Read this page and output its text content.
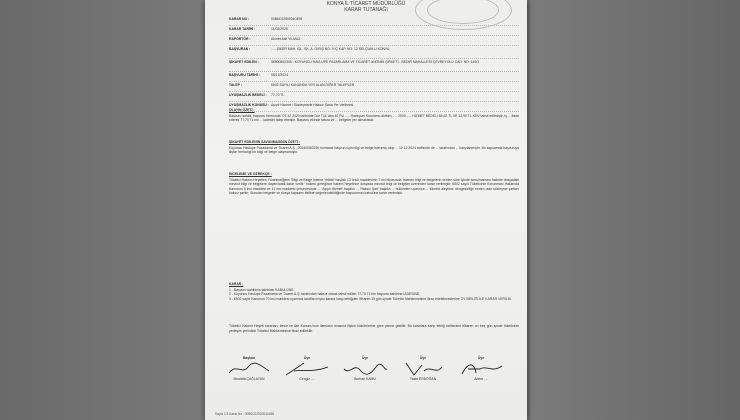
KONYA İL TİCARET MÜDÜRLÜĞÜ
KARAR TUTANAĞI
KARAR NO :	00B6C02500040498
KARAR TARİHİ :	11/02/2025
RAPORTÖR :	Ahmet Akif YILMAZ
BAŞVURAN :	..... ŞİKER MAH. İŞL. SK. A. GIRIŞ NO: 9 İÇ KAP. NO: 12 SELÇUKLU KONYA
ŞİKAYET EDİLEN :	38900862346 - KOYUNCU HAVLUPE PAZARLAMA VE TİCARET ANONİM ŞİRKETİ - BEDİR MAHALLESİ ÇEVREYOLU CAD. NO: 145/1
BAŞVURU TARİHİ :	05/12/2024
TALEP :	6502 SAYILI KANUNDA YER ALAN DİĞER TALEPLER
UYUŞMAZLIK BEDELİ :	77,70 TL
UYUŞMAZLIK KONUSU : Ayıplı Hizmet / Sözleşmede Haksız Şarta Yer Verilmesi
OLAYIN ÖZETİ :
Başvuru sahibi, başvuru formunda "07.12.2024 tarihinde Dür TUL'dan 40 Ful ..... Havlupan Kurulumu alırken, .... 2000 ..... HİZMET BEDELİ 84,62 TL VE 12,90 TL KDV tahsil edilmiştir, iş ... ifade ederek 77,70 TL'nin ... iadesini talep etmiştir. Başvuru ekinde fatura ve ... belgeler yer almaktadır.
ŞİKAYET EDİLENİN SAVUNMASININ ÖZETİ :
Koyuncu Havlupe Pazarlama ve Ticaret A.Ş., 2024/0063230 numaralı başvuru için bilgi ve belge istenmiş olup ... 10.12.2024 tarihinde de ... tarafından ... karşılanmıştır. Bu kapsamda başvuruya ilişkin herhangi bir bilgi ve belge ulaşmamıştır.
İNCELEME VE GEREKÇE :
Tüketici Hakem Heyetleri Yönetmeliğinin 'Bilgi ve Belge İsteme Yetkisi' başlıklı 13 üncü maddesinin 7 nci fıkrasında 'İstenen bilgi ve belgelerin verilen süre içinde sunulmaması halinde dosyadaki mevcut bilgi ve belgelere dayanılarak karar verilir.' hükmü gereğince hakem heyetince dosyada mevcut bilgi ve belgeler üzerinden karar verilmiştir. 6502 sayılı Tüketicinin Korunması Hakkında Kanunun 5 inci maddesi ve 11 inci maddesi çerçevesinde ... 'Ayıplı Hizmet' başlıklı ... 'Haksız Şart' başlıklı ... hükümleri uyarınca ... tüketici aleyhine dengesizliğe neden olan sözleşme şartları haksız şarttır. Sunulan belgeler ve dosya kapsamı birlikte değerlendirildiğinde başvurunun kabulüne karar verilmiştir.
KARAR :
1 - Başvuru sahibinin talebinin KABULÜNE,
2 - Koyuncu Havlupe Pazarlama ve Ticaret A.Ş. tarafından haksız olarak tahsil edilen 77,70 TL'nin başvuru sahibine İADESİNE,
3 - 6502 sayılı Kanunun 70 inci maddesi uyarınca tarafların işbu karara karşı tebliğden itibaren 15 gün içinde Tüketici Mahkemesine itiraz edebileceklerine OY BİRLİĞİ İLE KARAR VERİLDİ.
Tüketici Hakem Heyeti kararları, kesin ve ilan Kanunu'nun ilamların icrasına ilişkin hükümlerine göre yerine getirilir. Bu kararlara karşı tebliğ tarihinden itibaren on beş gün içinde tüketicinin yerleşim yerindeki Tüketici Mahkemesine itiraz edilebilir.
Başkan
Mustafa ÇAĞLAYAN
Üye
Cengiz ....
Üye
Burhan KAMU
Üye
Yasin ERDOĞAN
Üye
Adem ....
Sayfa 1/1 Karar No : 00B6C02500040498
